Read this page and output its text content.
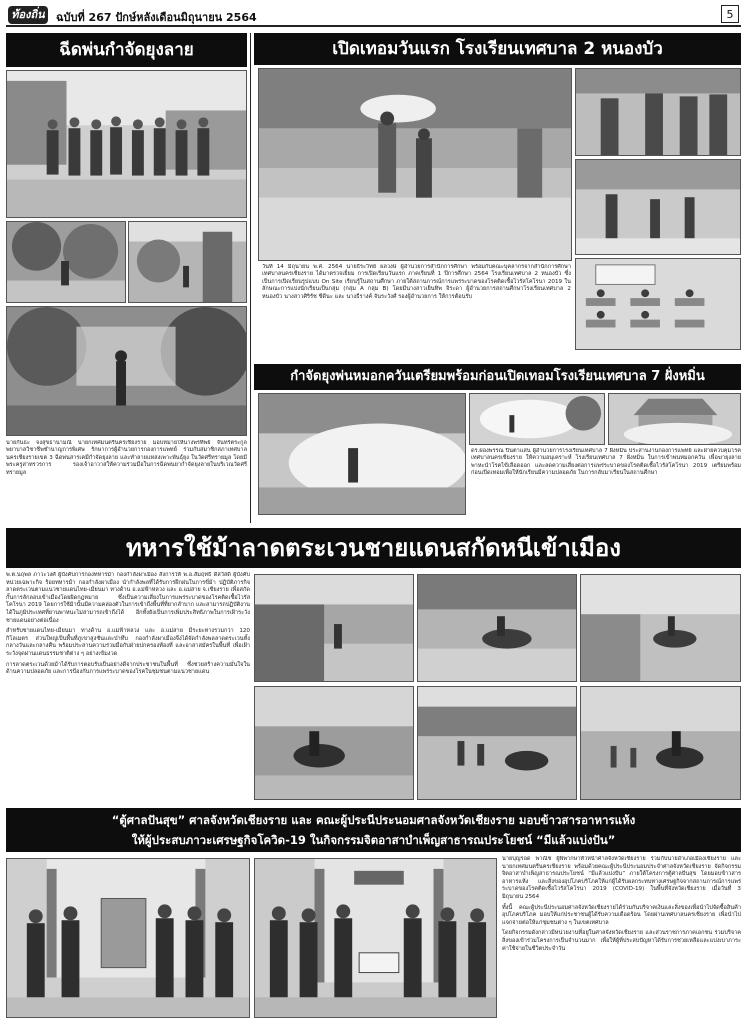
ท้องถิ่น ฉบับที่ 267 ปักษ์หลังเดือนมิถุนายน 2564	5
ฉีดพ่นกำจัดยุงลาย
นายกันธะ จงสุขธานามณี นายกเทศมนตรีนครเชียงราย มอบหมายให้นางพรทิพย์ จันทร์ตระกูล พยาบาลวิชาชีพชำนาญการพิเศษ รักษาการผู้อำนวยการกองการแพทย์ ร่วมกับสมาชิกสภาเทศบาลนครเชียงรายเขต 3 ฉีดพ่นสารเคมีกำจัดยุงลาย และทำลายแหล่งเพาะพันธุ์ยุง ในวัดศรีทรายมูล โดยมีพระครูสาทรวรการ รองเจ้าอาวาสให้ความร่วมมือในการฉีดพ่นยากำจัดยุงลายในบริเวณวัดศรีทรายมูล
เปิดเทอมวันแรก โรงเรียนเทศบาล 2 หนองบัว
วันที่ 14 มิถุนายน พ.ศ. 2564 นายธีระวิทย์ ผลวงษ์ ผู้อำนวยการสำนักการศึกษา พร้อมกับคณะบุคลากรจากสำนักการศึกษาเทศบาลนครเชียงราย ได้มาตรวจเยี่ยม การเปิดเรียนวันแรก ภาคเรียนที่ 1 ปีการศึกษา 2564 โรงเรียนเทศบาล 2 หนองบัว ซึ่งเป็นการเปิดเรียนรูปแบบ On Site เรียนรู้ในสถานศึกษา ภายใต้สถานการณ์การแพร่ระบาดของโรคติดเชื้อไวรัสโคโรนา 2019 ในลักษณะการแบ่งนักเรียนเป็นกลุ่ม (กลุ่ม A กลุ่ม B) โดยมีนางสาวเย็นทิพ จิระดา ผู้อำนวยการสถานศึกษาโรงเรียนเทศบาล 2 หนองบัว นางสาวศิริรัช ชีดีนะ และ นางธีรางค์ จันระวังศ์ รองผู้อำนวยการ ให้การต้อนรับ
กำจัดยุงพ่นหมอกควันเตรียมพร้อมก่อนเปิดเทอมโรงเรียนเทศบาล 7 ฝั่งหมิ่น
ดร.ผ่องพรรณ ปินตาแสน ผู้อำนวยการโรงเรียนเทศบาล 7 ฝั่งหมิ่น ประสานงานกองการแพทย์ และฝ่ายควบคุมโรคเทศบาลนครเชียงราย ให้ความอนุเคราะห์ โรงเรียนเทศบาล 7 ฝั่งหมิ่น ในการเข้าพ่นหมอกควัน เพื่อฆ่ายุงลายพาหะนำโรคไข้เลือดออก และลดความเสี่ยงต่อการแพร่ระบาดของโรคติดเชื้อไวรัสโคโรนา 2019 เตรียมพร้อมก่อนเปิดเทอมเพื่อให้นักเรียนมีความปลอดภัย ในการกลับมาเรียนในสถานศึกษา
ทหารใช้ม้าลาดตระเวนชายแดนสกัดหนีเข้าเมือง

พ.ต.นฤพล ภาวะวงศ์ ผู้บังคับการกองทหารม้า กองกำลังผาเมือง สั่งการให้ พ.อ.สัมฤทธิ์ ดีสวัสดิ์ ผู้บังคับหน่วยเฉพาะกิจ ร้อยทหารม้า กองกำลังผาเมือง นำกำลังพลที่ได้รับการฝึกฝนในการขี่ม้า ปฏิบัติภารกิจลาดตระเวนตามแนวชายแดนไทย-เมียนมา ทางด้าน อ.แม่ฟ้าหลวง และ อ.แม่สาย จ.เชียงราย เพื่อสกัดกั้นการลักลอบเข้าเมืองโดยผิดกฎหมาย ซึ่งเป็นความเสี่ยงในการแพร่ระบาดของโรคติดเชื้อไวรัสโคโรนา 2019 โดยการใช้ม้านั้นมีความคล่องตัวในการเข้าถึงพื้นที่ที่ยากลำบาก และสามารถปฏิบัติงานได้ในภูมิประเทศที่ยานพาหนะไม่สามารถเข้าถึงได้ อีกทั้งยังเป็นการเพิ่มประสิทธิภาพในการเฝ้าระวังชายแดนอย่างต่อเนื่อง

สำหรับชายแดนไทย-เมียนมา ทางด้าน อ.แม่ฟ้าหลวง และ อ.แม่สาย มีระยะทางรวมกว่า 120 กิโลเมตร ส่วนใหญ่เป็นพื้นที่ภูเขาสูงชันและป่าทึบ กองกำลังผาเมืองจึงได้จัดกำลังพลลาดตระเวนทั้งกลางวันและกลางคืน พร้อมประสานความร่วมมือกับฝ่ายปกครองท้องที่ และอาสาสมัครในพื้นที่ เพื่อเฝ้าระวังจุดผ่านแดนธรรมชาติต่าง ๆ อย่างเข้มงวด

การลาดตระเวนด้วยม้าได้รับการตอบรับเป็นอย่างดีจากประชาชนในพื้นที่ ซึ่งช่วยสร้างความมั่นใจในด้านความปลอดภัย และการป้องกันการแพร่ระบาดของโรคในชุมชนตามแนวชายแดน

“ตู้ศาลปันสุข” ศาลจังหวัดเชียงราย และ คณะผู้ประนีประนอมศาลจังหวัดเชียงราย มอบข้าวสารอาหารแห้ง
ให้ผู้ประสบภาวะเศรษฐกิจโควิด-19 ในกิจกรรมจิตอาสาบำเพ็ญสาธารณประโยชน์ “มีแล้วแบ่งปัน”

นายบุญรอด พาณิช ผู้พิพากษาหัวหน้าศาลจังหวัดเชียงราย ร่วมกับนายอำเภอเมืองเชียงราย และนายกเทศมนตรีนครเชียงราย พร้อมด้วยคณะผู้ประนีประนอมประจำศาลจังหวัดเชียงราย จัดกิจกรรมจิตอาสาบำเพ็ญสาธารณประโยชน์ “มีแล้วแบ่งปัน” ภายใต้โครงการตู้ศาลปันสุข โดยมอบข้าวสาร อาหารแห้ง และสิ่งของอุปโภคบริโภคให้แก่ผู้ได้รับผลกระทบทางเศรษฐกิจจากสถานการณ์การแพร่ระบาดของโรคติดเชื้อไวรัสโคโรนา 2019 (COVID-19) ในพื้นที่จังหวัดเชียงราย เมื่อวันที่ 3 มิถุนายน 2564

ทั้งนี้ คณะผู้ประนีประนอมศาลจังหวัดเชียงรายได้ร่วมกันบริจาคเงินและสิ่งของเพื่อนำไปจัดซื้อสินค้าอุปโภคบริโภค มอบให้แก่ประชาชนผู้ได้รับความเดือดร้อน โดยผ่านเทศบาลนครเชียงราย เพื่อนำไปแจกจ่ายต่อให้แก่ชุมชนต่าง ๆ ในเขตเทศบาล

โดยกิจกรรมดังกล่าวมีหน่วยงานที่อยู่ในศาลจังหวัดเชียงราย และส่วนราชการภาคเอกชน ร่วมบริจาคสิ่งของเข้าร่วมโครงการเป็นจำนวนมาก เพื่อให้ผู้ที่ประสบปัญหาได้รับการช่วยเหลือและแบ่งเบาภาระค่าใช้จ่ายในชีวิตประจำวัน
